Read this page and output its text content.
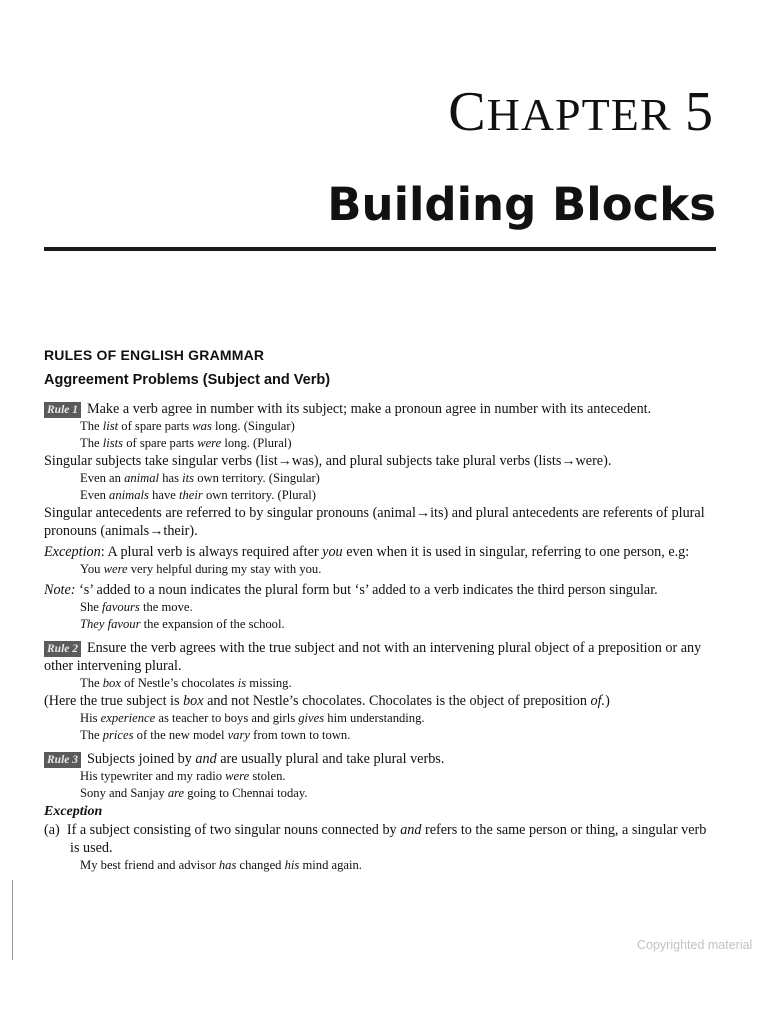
CHAPTER 5
Building Blocks
RULES OF ENGLISH GRAMMAR
Aggreement Problems (Subject and Verb)

Rule 1 Make a verb agree in number with its subject; make a pronoun agree in number with its antecedent.

The list of spare parts was long. (Singular)

The lists of spare parts were long. (Plural)

Singular subjects take singular verbs (list→was), and plural subjects take plural verbs (lists→were).

Even an animal has its own territory. (Singular)

Even animals have their own territory. (Plural)

Singular antecedents are referred to by singular pronouns (animal→its) and plural antecedents are referents of plural pronouns (animals→their).

Exception: A plural verb is always required after you even when it is used in singular, referring to one person, e.g:

You were very helpful during my stay with you.

Note: ‘s’ added to a noun indicates the plural form but ‘s’ added to a verb indicates the third person singular.

She favours the move.

They favour the expansion of the school.

Rule 2 Ensure the verb agrees with the true subject and not with an intervening plural object of a preposition or any other intervening plural.

The box of Nestle’s chocolates is missing.

(Here the true subject is box and not Nestle’s chocolates. Chocolates is the object of preposition of.)

His experience as teacher to boys and girls gives him understanding.

The prices of the new model vary from town to town.

Rule 3 Subjects joined by and are usually plural and take plural verbs.

His typewriter and my radio were stolen.

Sony and Sanjay are going to Chennai today.

Exception

(a) If a subject consisting of two singular nouns connected by and refers to the same person or thing, a singular verb is used.

My best friend and advisor has changed his mind again.

Copyrighted material
